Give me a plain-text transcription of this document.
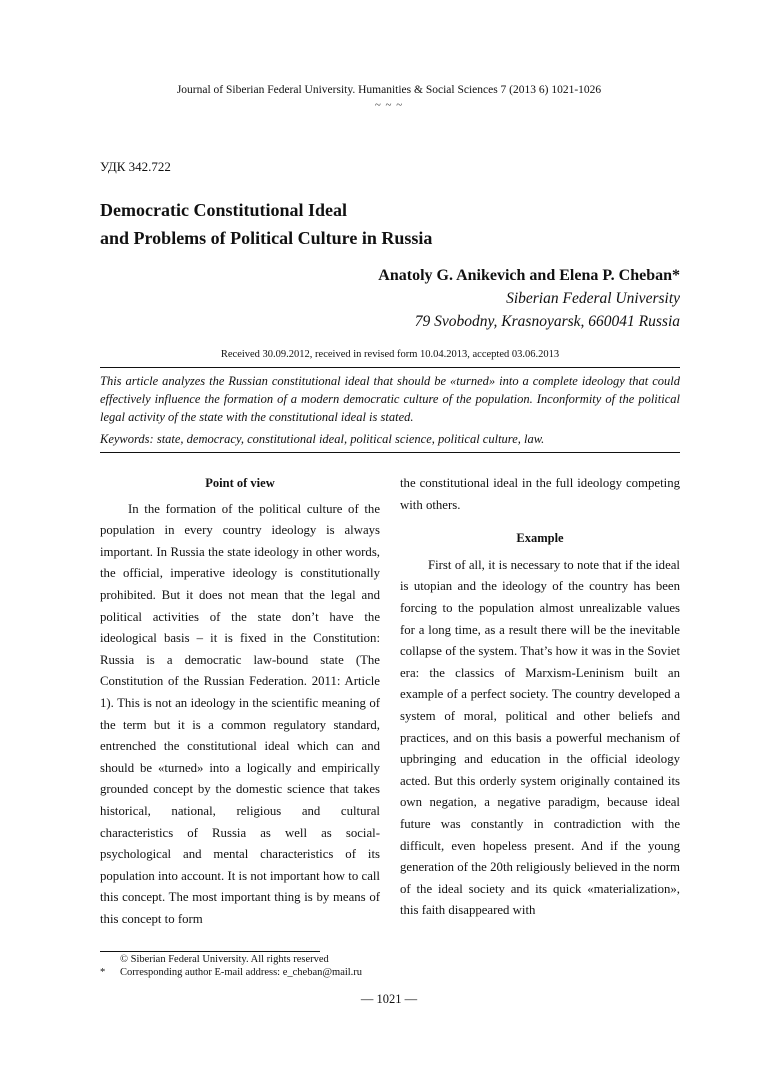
Journal of Siberian Federal University. Humanities & Social Sciences 7 (2013 6) 1021-1026
~ ~ ~
УДК 342.722
Democratic Constitutional Ideal
and Problems of Political Culture in Russia
Anatoly G. Anikevich and Elena P. Cheban*
Siberian Federal University
79 Svobodny, Krasnoyarsk, 660041 Russia
Received 30.09.2012, received in revised form 10.04.2013, accepted 03.06.2013
This article analyzes the Russian constitutional ideal that should be «turned» into a complete ideology that could effectively influence the formation of a modern democratic culture of the population. Inconformity of the political legal activity of the state with the constitutional ideal is stated.
Keywords: state, democracy, constitutional ideal, political science, political culture, law.

Point of view

In the formation of the political culture of the population in every country ideology is always important. In Russia the state ideology in other words, the official, imperative ideology is constitutionally prohibited. But it does not mean that the legal and political activities of the state don’t have the ideological basis – it is fixed in the Constitution: Russia is a democratic law-bound state (The Constitution of the Russian Federation. 2011: Article 1). This is not an ideology in the scientific meaning of the term but it is a common regulatory standard, entrenched the constitutional ideal which can and should be «turned» into a logically and empirically grounded concept by the domestic science that takes historical, national, religious and cultural characteristics of Russia as well as social-psychological and mental characteristics of its population into account. It is not important how to call this concept. The most important thing is by means of this concept to form

the constitutional ideal in the full ideology competing with others.

Example

First of all, it is necessary to note that if the ideal is utopian and the ideology of the country has been forcing to the population almost unrealizable values for a long time, as a result there will be the inevitable collapse of the system. That’s how it was in the Soviet era: the classics of Marxism-Leninism built an example of a perfect society. The country developed a system of moral, political and other beliefs and practices, and on this basis a powerful mechanism of upbringing and education in the official ideology acted. But this orderly system originally contained its own negation, a negative paradigm, because ideal future was constantly in contradiction with the difficult, even hopeless present. And if the young generation of the 20th religiously believed in the norm of the ideal society and its quick «materialization», this faith disappeared with

© Siberian Federal University. All rights reserved
* Corresponding author E-mail address: e_cheban@mail.ru
— 1021 —
